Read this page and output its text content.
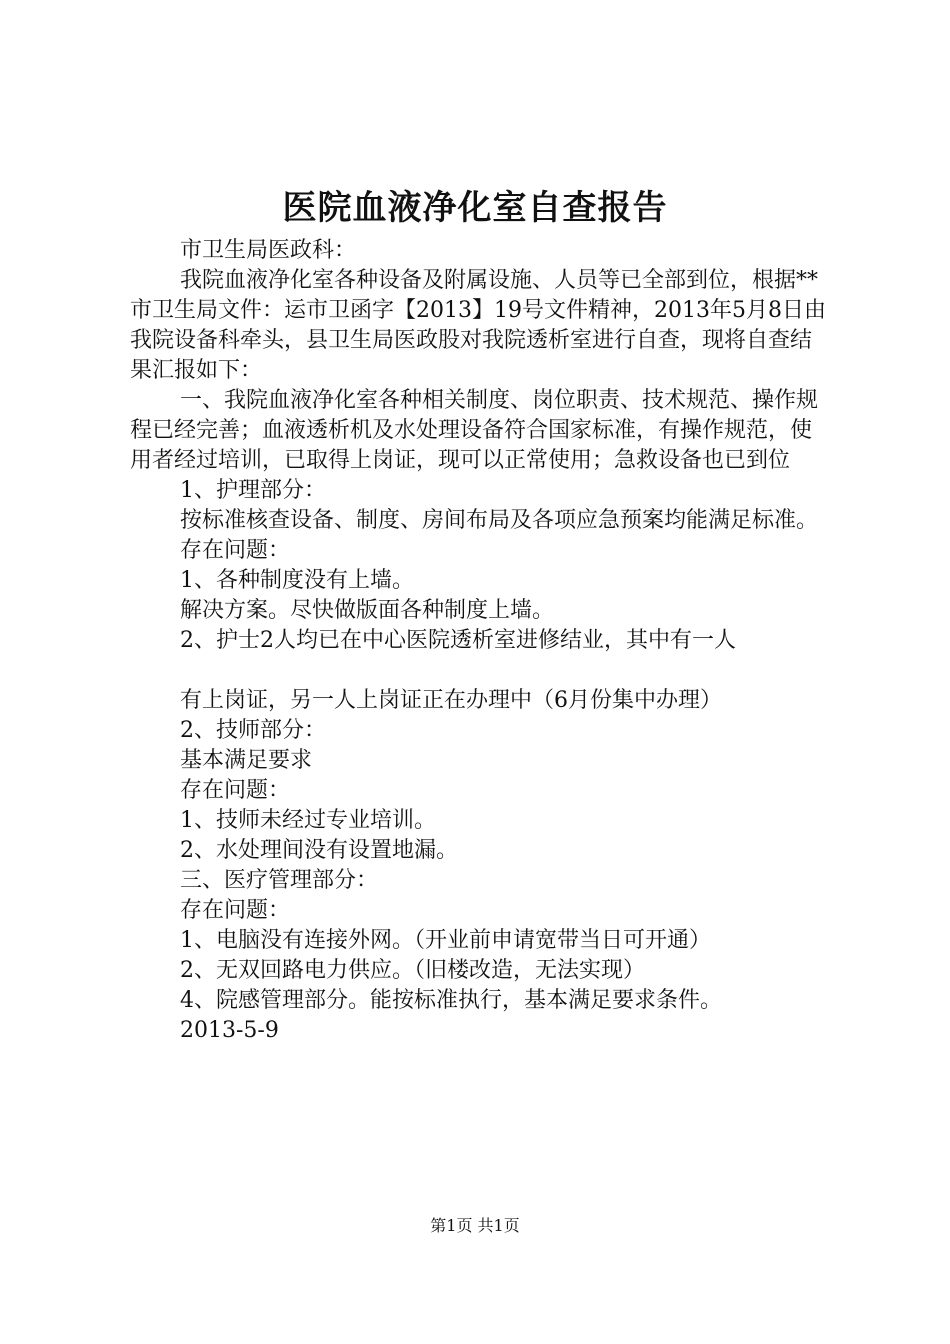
医院血液净化室自查报告

市卫生局医政科：

我院血液净化室各种设备及附属设施、人员等已全部到位，根据**市卫生局文件：运市卫函字【2013】19号文件精神，2013年5月8日由我院设备科牵头，县卫生局医政股对我院透析室进行自查，现将自查结果汇报如下：

一、我院血液净化室各种相关制度、岗位职责、技术规范、操作规程已经完善；血液透析机及水处理设备符合国家标准，有操作规范，使用者经过培训，已取得上岗证，现可以正常使用；急救设备也已到位

1、护理部分：

按标准核查设备、制度、房间布局及各项应急预案均能满足标准。

存在问题：

1、各种制度没有上墙。

解决方案。尽快做版面各种制度上墙。

2、护士2人均已在中心医院透析室进修结业，其中有一人

有上岗证，另一人上岗证正在办理中（6月份集中办理）

2、技师部分：

基本满足要求

存在问题：

1、技师未经过专业培训。

2、水处理间没有设置地漏。

三、医疗管理部分：

存在问题：

1、电脑没有连接外网。（开业前申请宽带当日可开通）

2、无双回路电力供应。（旧楼改造，无法实现）

4、院感管理部分。能按标准执行，基本满足要求条件。

2013-5-9

第1页 共1页
